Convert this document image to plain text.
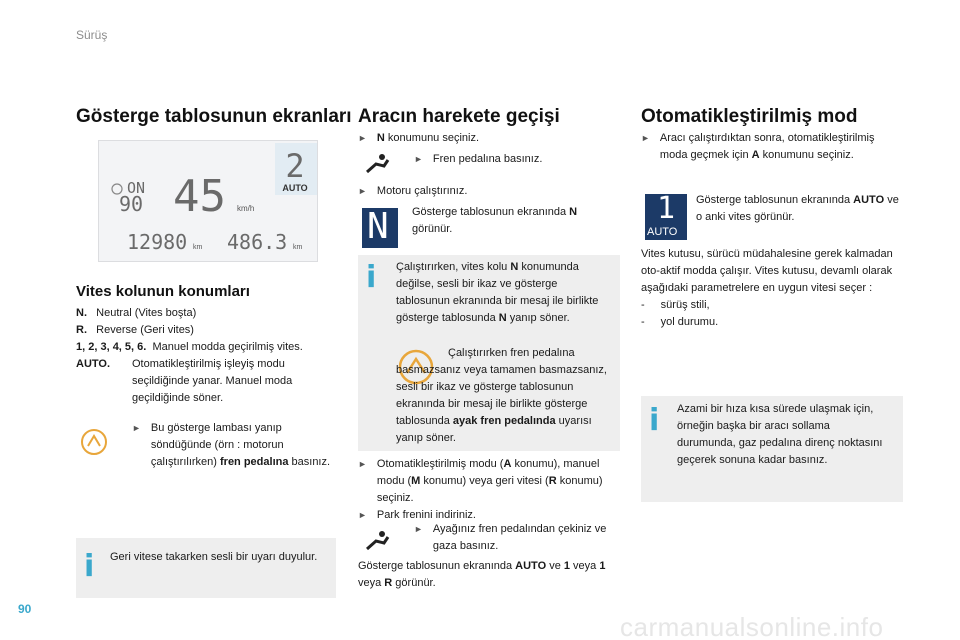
Sürüş
Gösterge tablosunun ekranları
2
AUTO
ON
90 45 km/h
12980 km 486.3 km
Vites kolunun konumları
N. Neutral (Vites boşta)
R. Reverse (Geri vites)
1, 2, 3, 4, 5, 6. Manuel modda geçirilmiş vites.
AUTO.	Otomatikleştirilmiş işleyiş modu seçildiğinde yanar. Manuel moda geçildiğinde söner.
► Bu gösterge lambası yanıp söndüğünde (örn : motorun çalıştırılırken) fren pedalına basınız.
i Geri vitese takarken sesli bir uyarı duyulur.
Aracın harekete geçişi
► N konumunu seçiniz.
► Fren pedalına basınız.
► Motoru çalıştırınız.
N Gösterge tablosunun ekranında N görünür.
i Çalıştırırken, vites kolu N konumunda değilse, sesli bir ikaz ve gösterge tablosunun ekranında bir mesaj ile birlikte gösterge tablosunda N yanıp söner.
Çalıştırırken fren pedalına basmazsanız veya tamamen basmazsanız, sesli bir ikaz ve gösterge tablosunun ekranında bir mesaj ile birlikte gösterge tablosunda ayak fren pedalında uyarısı yanıp söner.
► Otomatikleştirilmiş modu (A konumu), manuel modu (M konumu) veya geri vitesi (R konumu) seçiniz.
► Park frenini indiriniz.
► Ayağınız fren pedalından çekiniz ve gaza basınız.
Gösterge tablosunun ekranında AUTO ve 1 veya 1 veya R görünür.
Otomatikleştirilmiş mod
► Aracı çalıştırdıktan sonra, otomatikleştirilmiş moda geçmek için A konumunu seçiniz.
1
AUTO
Gösterge tablosunun ekranında AUTO ve o anki vites görünür.
Vites kutusu, sürücü müdahalesine gerek kalmadan oto-aktif modda çalışır. Vites kutusu, devamlı olarak aşağıdaki parametrelere en uygun vitesi seçer :
-	sürüş stili,
-	yol durumu.
i Azami bir hıza kısa sürede ulaşmak için, örneğin başka bir aracı sollama durumunda, gaz pedalına direnç noktasını geçerek sonuna kadar basınız.
90
carmanualsonline.info
